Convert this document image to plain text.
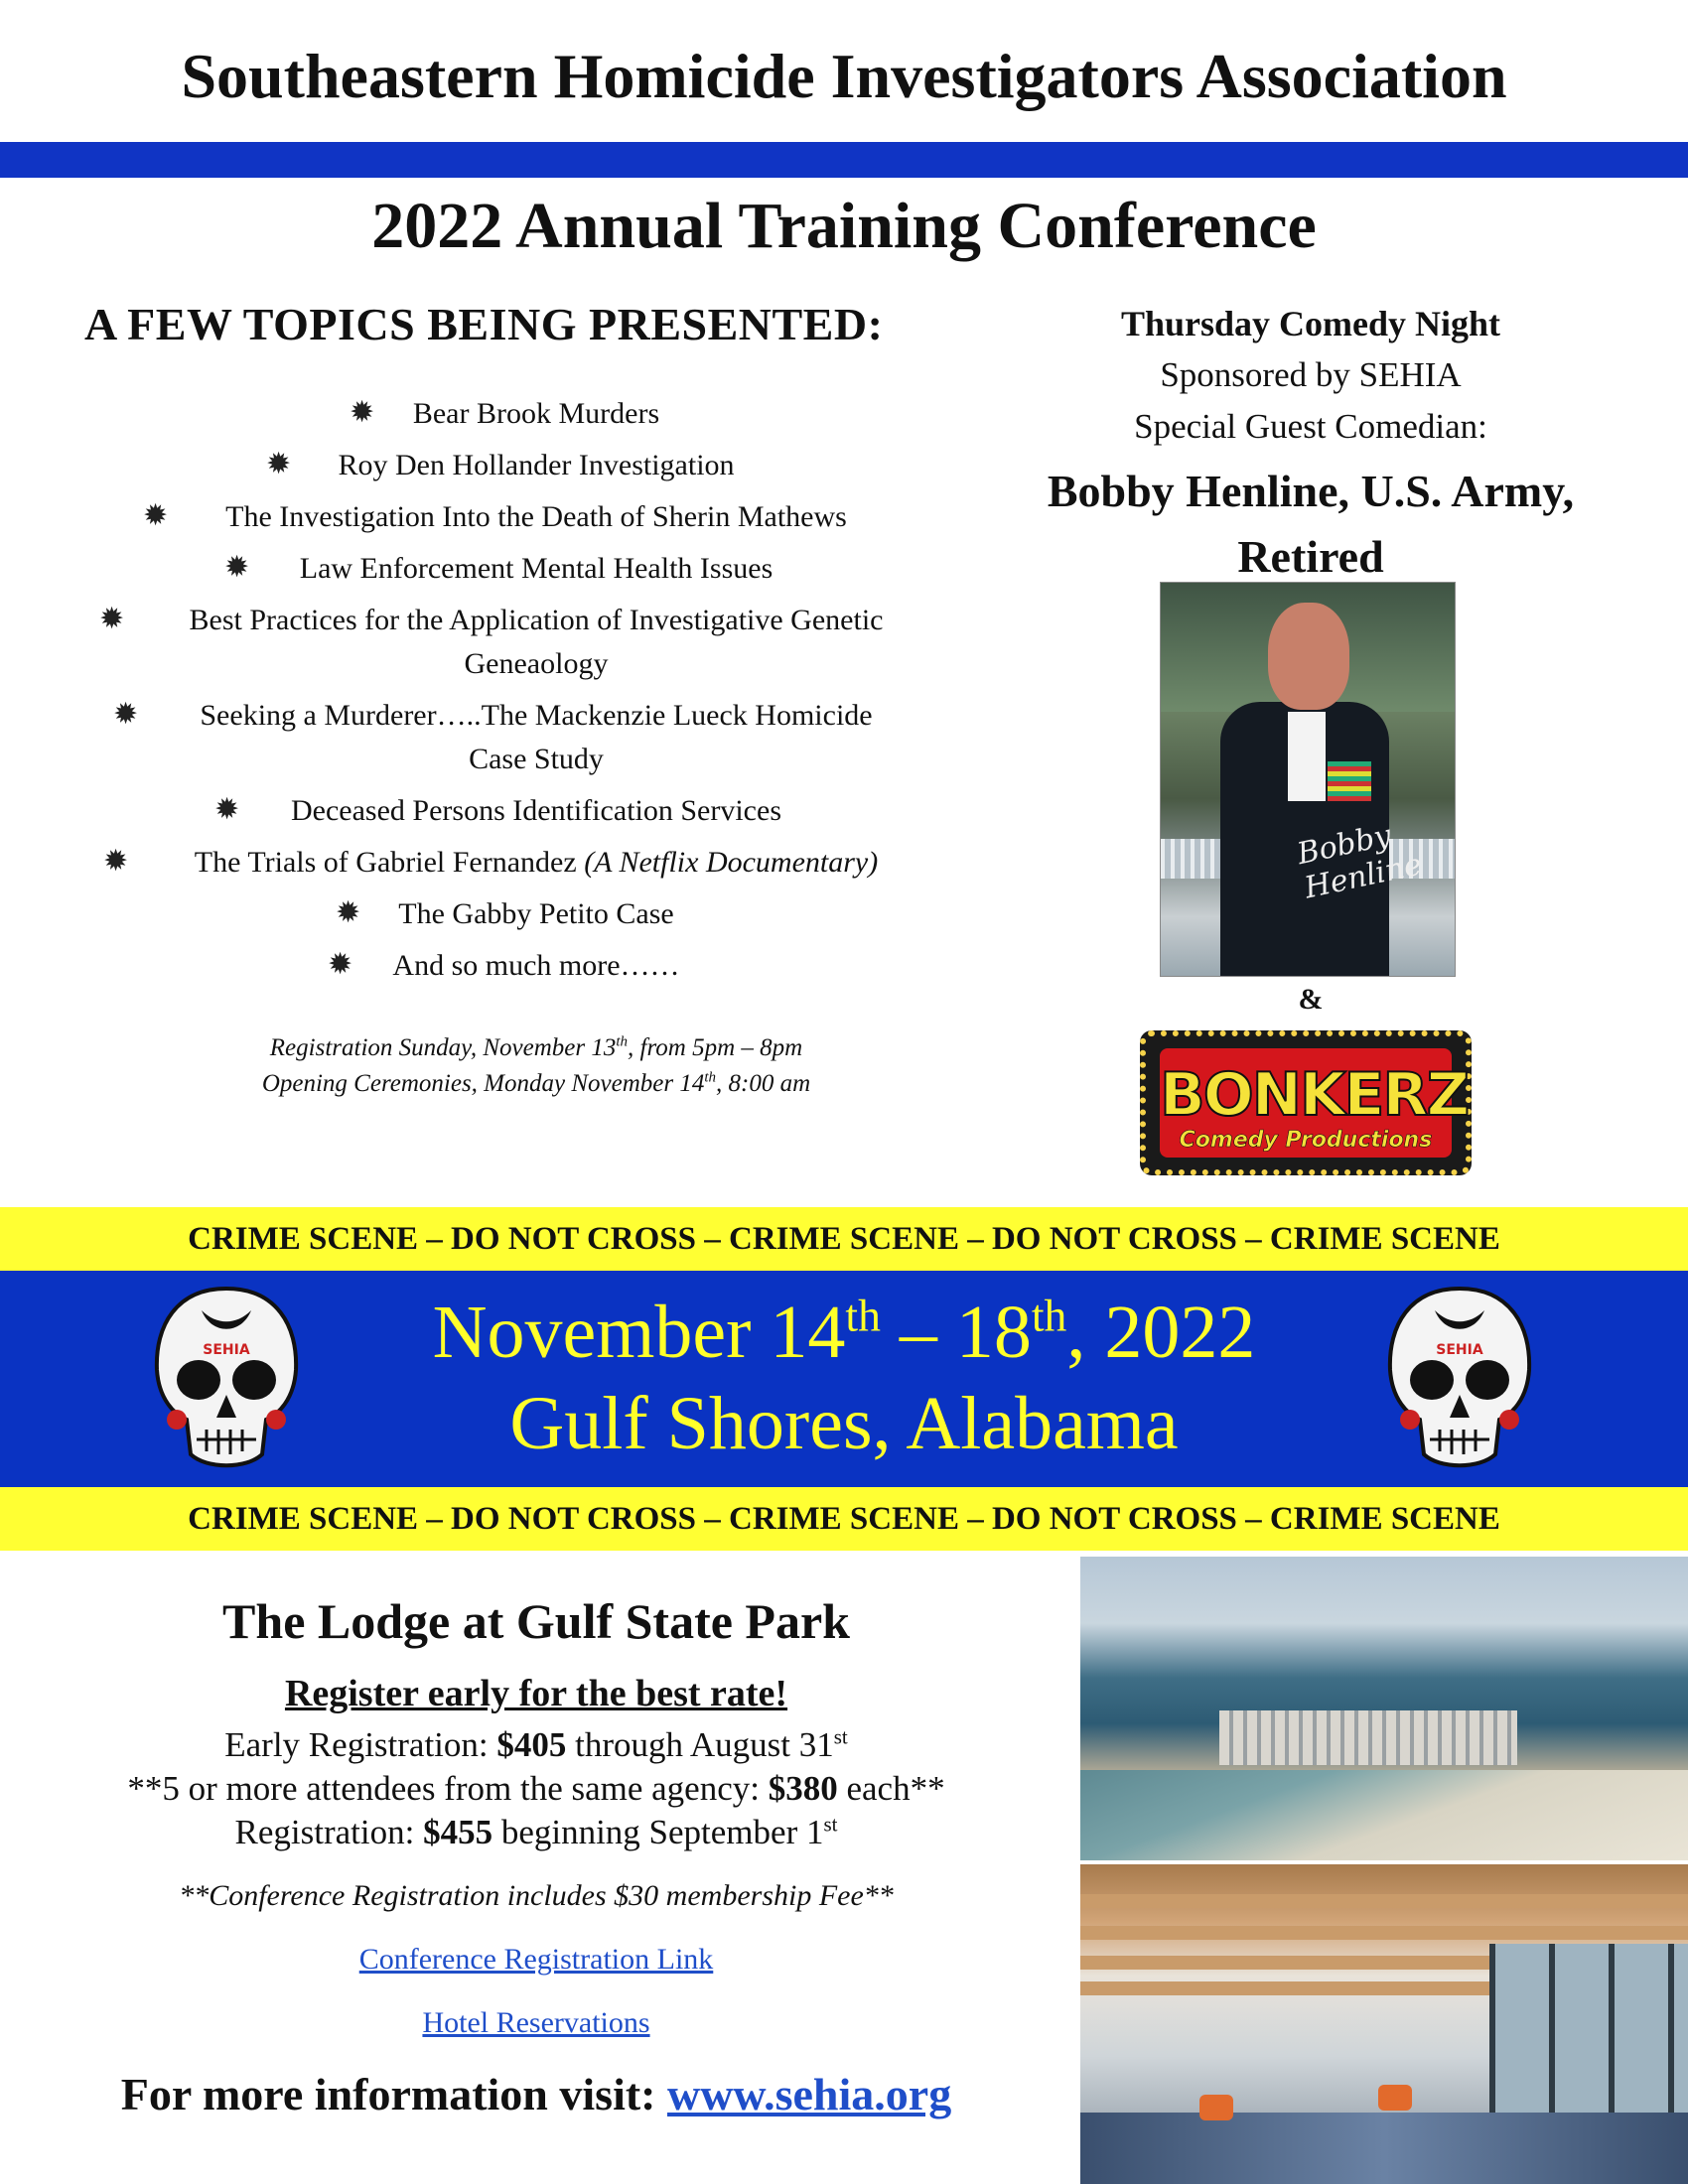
Southeastern Homicide Investigators Association
2022 Annual Training Conference
A FEW TOPICS BEING PRESENTED:
✹ Bear Brook Murders
✹ Roy Den Hollander Investigation
✹ The Investigation Into the Death of Sherin Mathews
✹ Law Enforcement Mental Health Issues
✹	Best Practices for the Application of Investigative Genetic
Geneaology
✹	Seeking a Murderer…..The Mackenzie Lueck Homicide
Case Study
✹ Deceased Persons Identification Services
✹ The Trials of Gabriel Fernandez (A Netflix Documentary)
✹ The Gabby Petito Case
✹ And so much more……
Registration Sunday, November 13th, from 5pm – 8pm
Opening Ceremonies, Monday November 14th, 8:00 am
Thursday Comedy Night
Sponsored by SEHIA
Special Guest Comedian:
Bobby Henline, U.S. Army,
Retired
Bobby Henline
&
BONKERZ
Comedy Productions
CRIME SCENE – DO NOT CROSS – CRIME SCENE – DO NOT CROSS – CRIME SCENE
SEHIA	SEHIA
November 14th – 18th, 2022
Gulf Shores, Alabama
CRIME SCENE – DO NOT CROSS – CRIME SCENE – DO NOT CROSS – CRIME SCENE
The Lodge at Gulf State Park
Register early for the best rate!
Early Registration: $405 through August 31st
**5 or more attendees from the same agency: $380 each**
Registration: $455 beginning September 1st
**Conference Registration includes $30 membership Fee**
Conference Registration Link
Hotel Reservations
For more information visit: www.sehia.org
